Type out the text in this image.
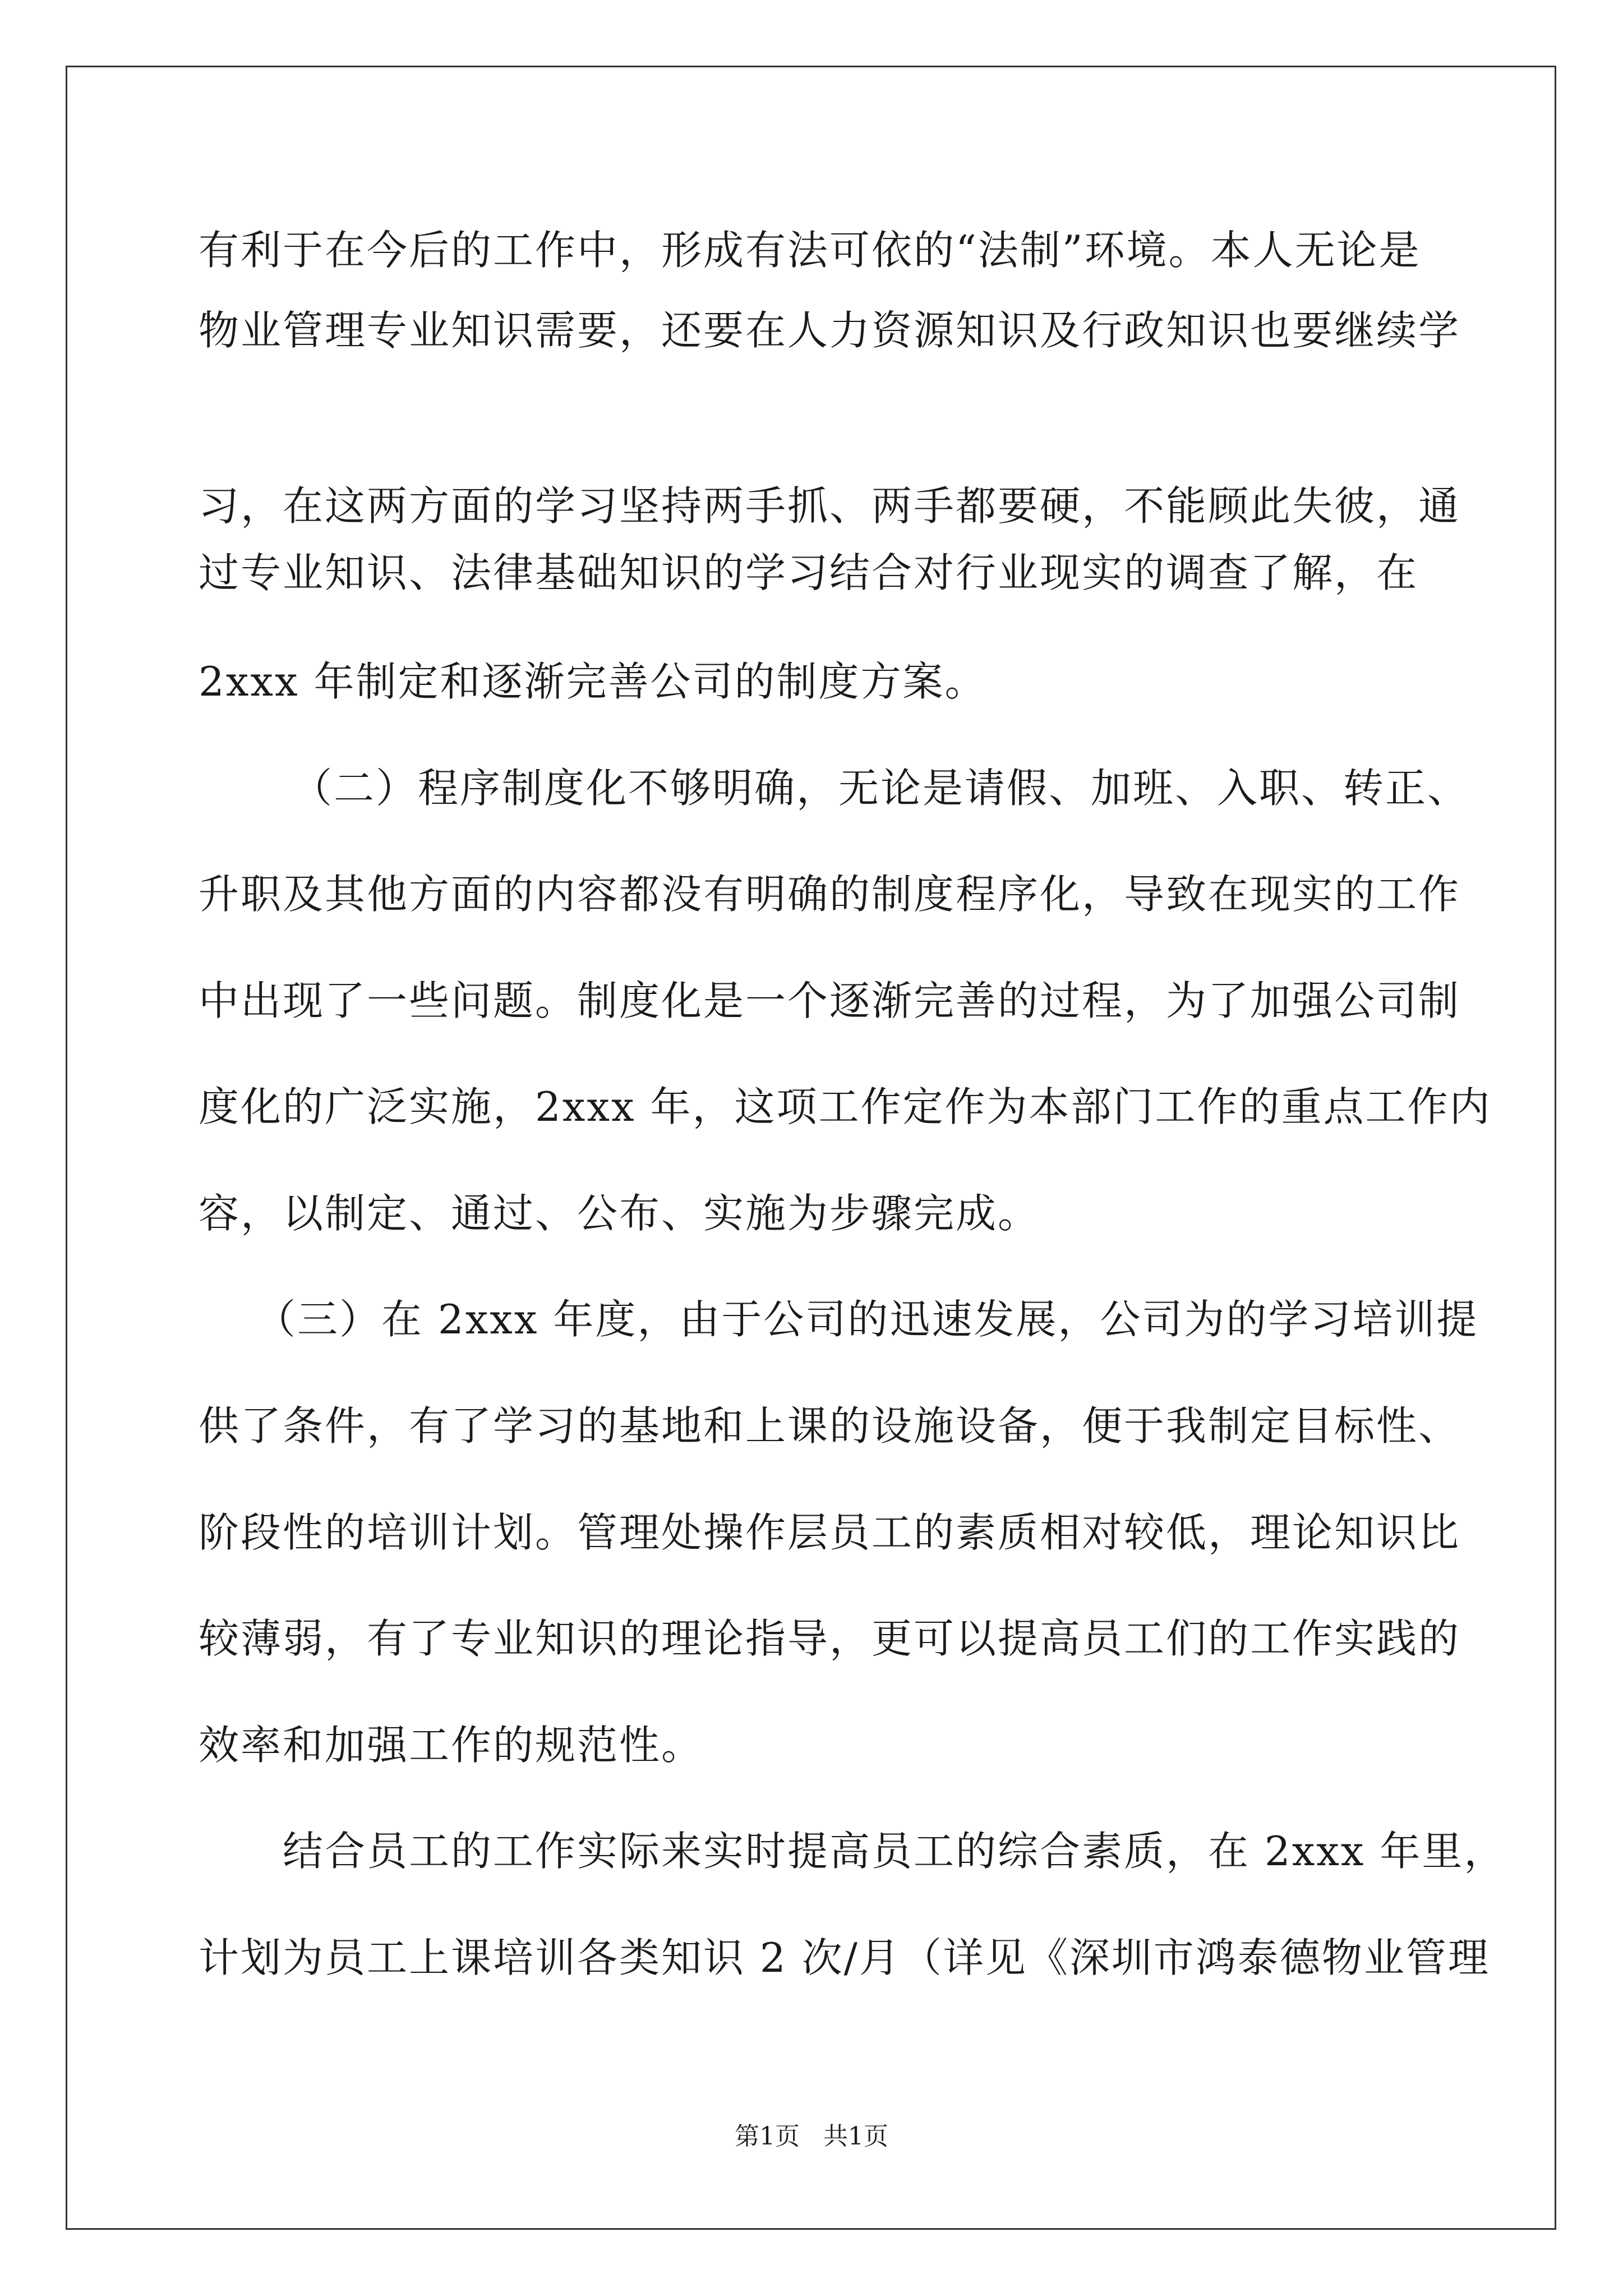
有利于在今后的工作中，形成有法可依的“法制”环境。本人无论是
物业管理专业知识需要，还要在人力资源知识及行政知识也要继续学
习，在这两方面的学习坚持两手抓、两手都要硬，不能顾此失彼，通
过专业知识、法律基础知识的学习结合对行业现实的调查了解，在
2xxx 年制定和逐渐完善公司的制度方案。
（二）程序制度化不够明确，无论是请假、加班、入职、转正、
升职及其他方面的内容都没有明确的制度程序化，导致在现实的工作
中出现了一些问题。制度化是一个逐渐完善的过程，为了加强公司制
度化的广泛实施，2xxx 年，这项工作定作为本部门工作的重点工作内
容，以制定、通过、公布、实施为步骤完成。
（三）在 2xxx 年度，由于公司的迅速发展，公司为的学习培训提
供了条件，有了学习的基地和上课的设施设备，便于我制定目标性、
阶段性的培训计划。管理处操作层员工的素质相对较低，理论知识比
较薄弱，有了专业知识的理论指导，更可以提高员工们的工作实践的
效率和加强工作的规范性。
结合员工的工作实际来实时提高员工的综合素质，在 2xxx 年里，
计划为员工上课培训各类知识 2 次/月（详见《深圳市鸿泰德物业管理
第1页   共1页
